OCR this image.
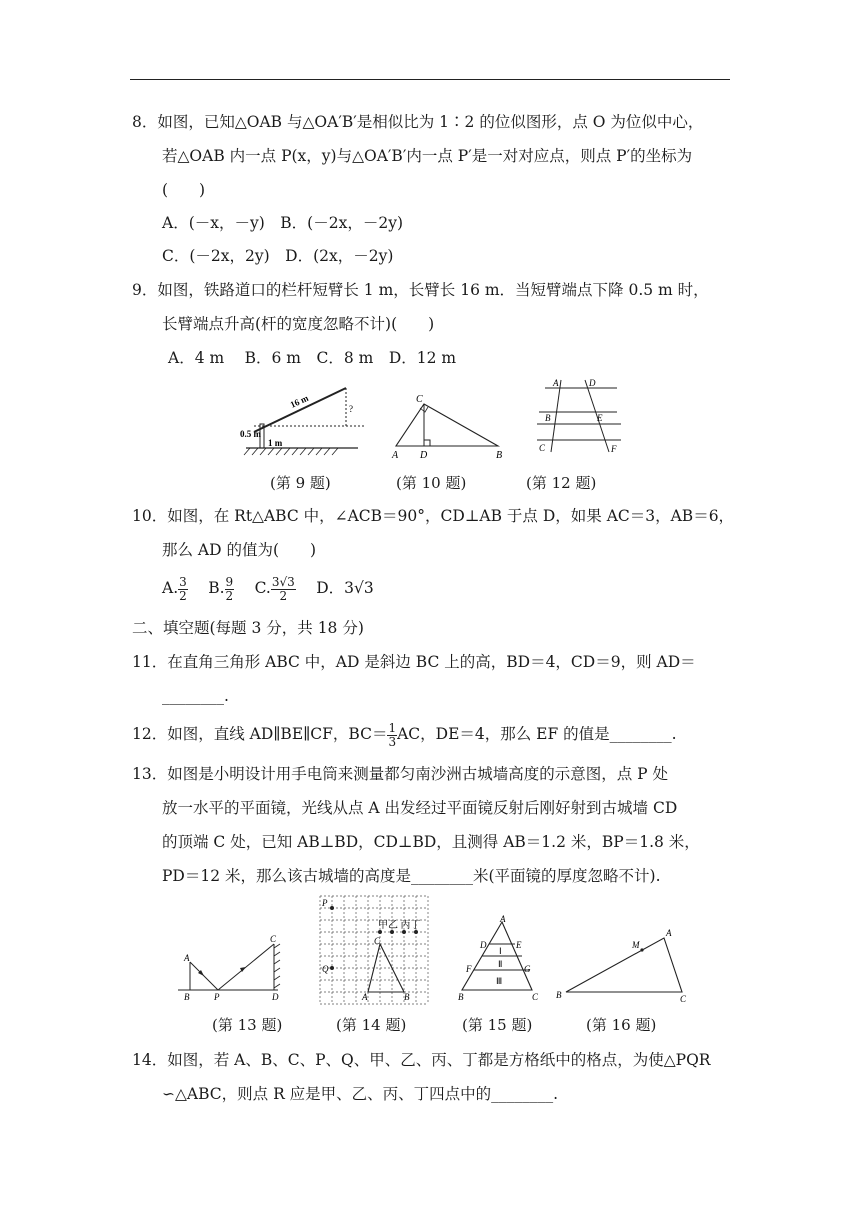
8．如图，已知△OAB 与△OA′B′是相似比为 1∶2 的位似图形，点 O 为位似中心，
若△OAB 内一点 P(x，y)与△OA′B′内一点 P′是一对对应点，则点 P′的坐标为
(　　)
A．(－x，－y)　B．(－2x，－2y)
C．(－2x，2y)　D．(2x，－2y)
9．如图，铁路道口的栏杆短臂长 1 m，长臂长 16 m．当短臂端点下降 0.5 m 时，
长臂端点升高(杆的宽度忽略不计)(　　)
A．4 m　 B．6 m　C．8 m　D．12 m
16 m	?
0.5 m
1 m
(第 9 题)
C
A D	B
(第 10 题)
A	D
B	E
C	F
(第 12 题)
10．如图，在 Rt△ABC 中，∠ACB＝90°，CD⊥AB 于点 D，如果 AC＝3，AB＝6，
那么 AD 的值为(　　)
A. $\frac{3}{2}$
　 B. $\frac{9}{2}$
　 C. $\frac{3√3}{2}$
　 D．3√3
二、填空题(每题 3 分，共 18 分)
11．在直角三角形 ABC 中，AD 是斜边 BC 上的高，BD＝4，CD＝9，则 AD＝
________.
12．如图，直线 AD∥BE∥CF，$BC= \frac{1}{3}$ AC，DE＝4，那么 EF 的值是________.
13．如图是小明设计用手电筒来测量都匀南沙洲古城墙高度的示意图，点 P 处
放一水平的平面镜，光线从点 A 出发经过平面镜反射后刚好射到古城墙 CD
的顶端 C 处，已知 AB⊥BD，CD⊥BD，且测得 AB＝1.2 米，BP＝1.8 米，
PD＝12 米，那么该古城墙的高度是________米(平面镜的厚度忽略不计).
A
B	P	D
C
(第 13 题)
P
Q
甲乙 丙丁
C
A	B
(第 14 题)
A
D	E
F	G
B	C
Ⅰ
Ⅱ
Ⅲ
(第 15 题)
A
B	C
M
(第 16 题)
14．如图，若 A、B、C、P、Q、甲、乙、丙、丁都是方格纸中的格点，为使△PQR
∽△ABC，则点 R 应是甲、乙、丙、丁四点中的________.
